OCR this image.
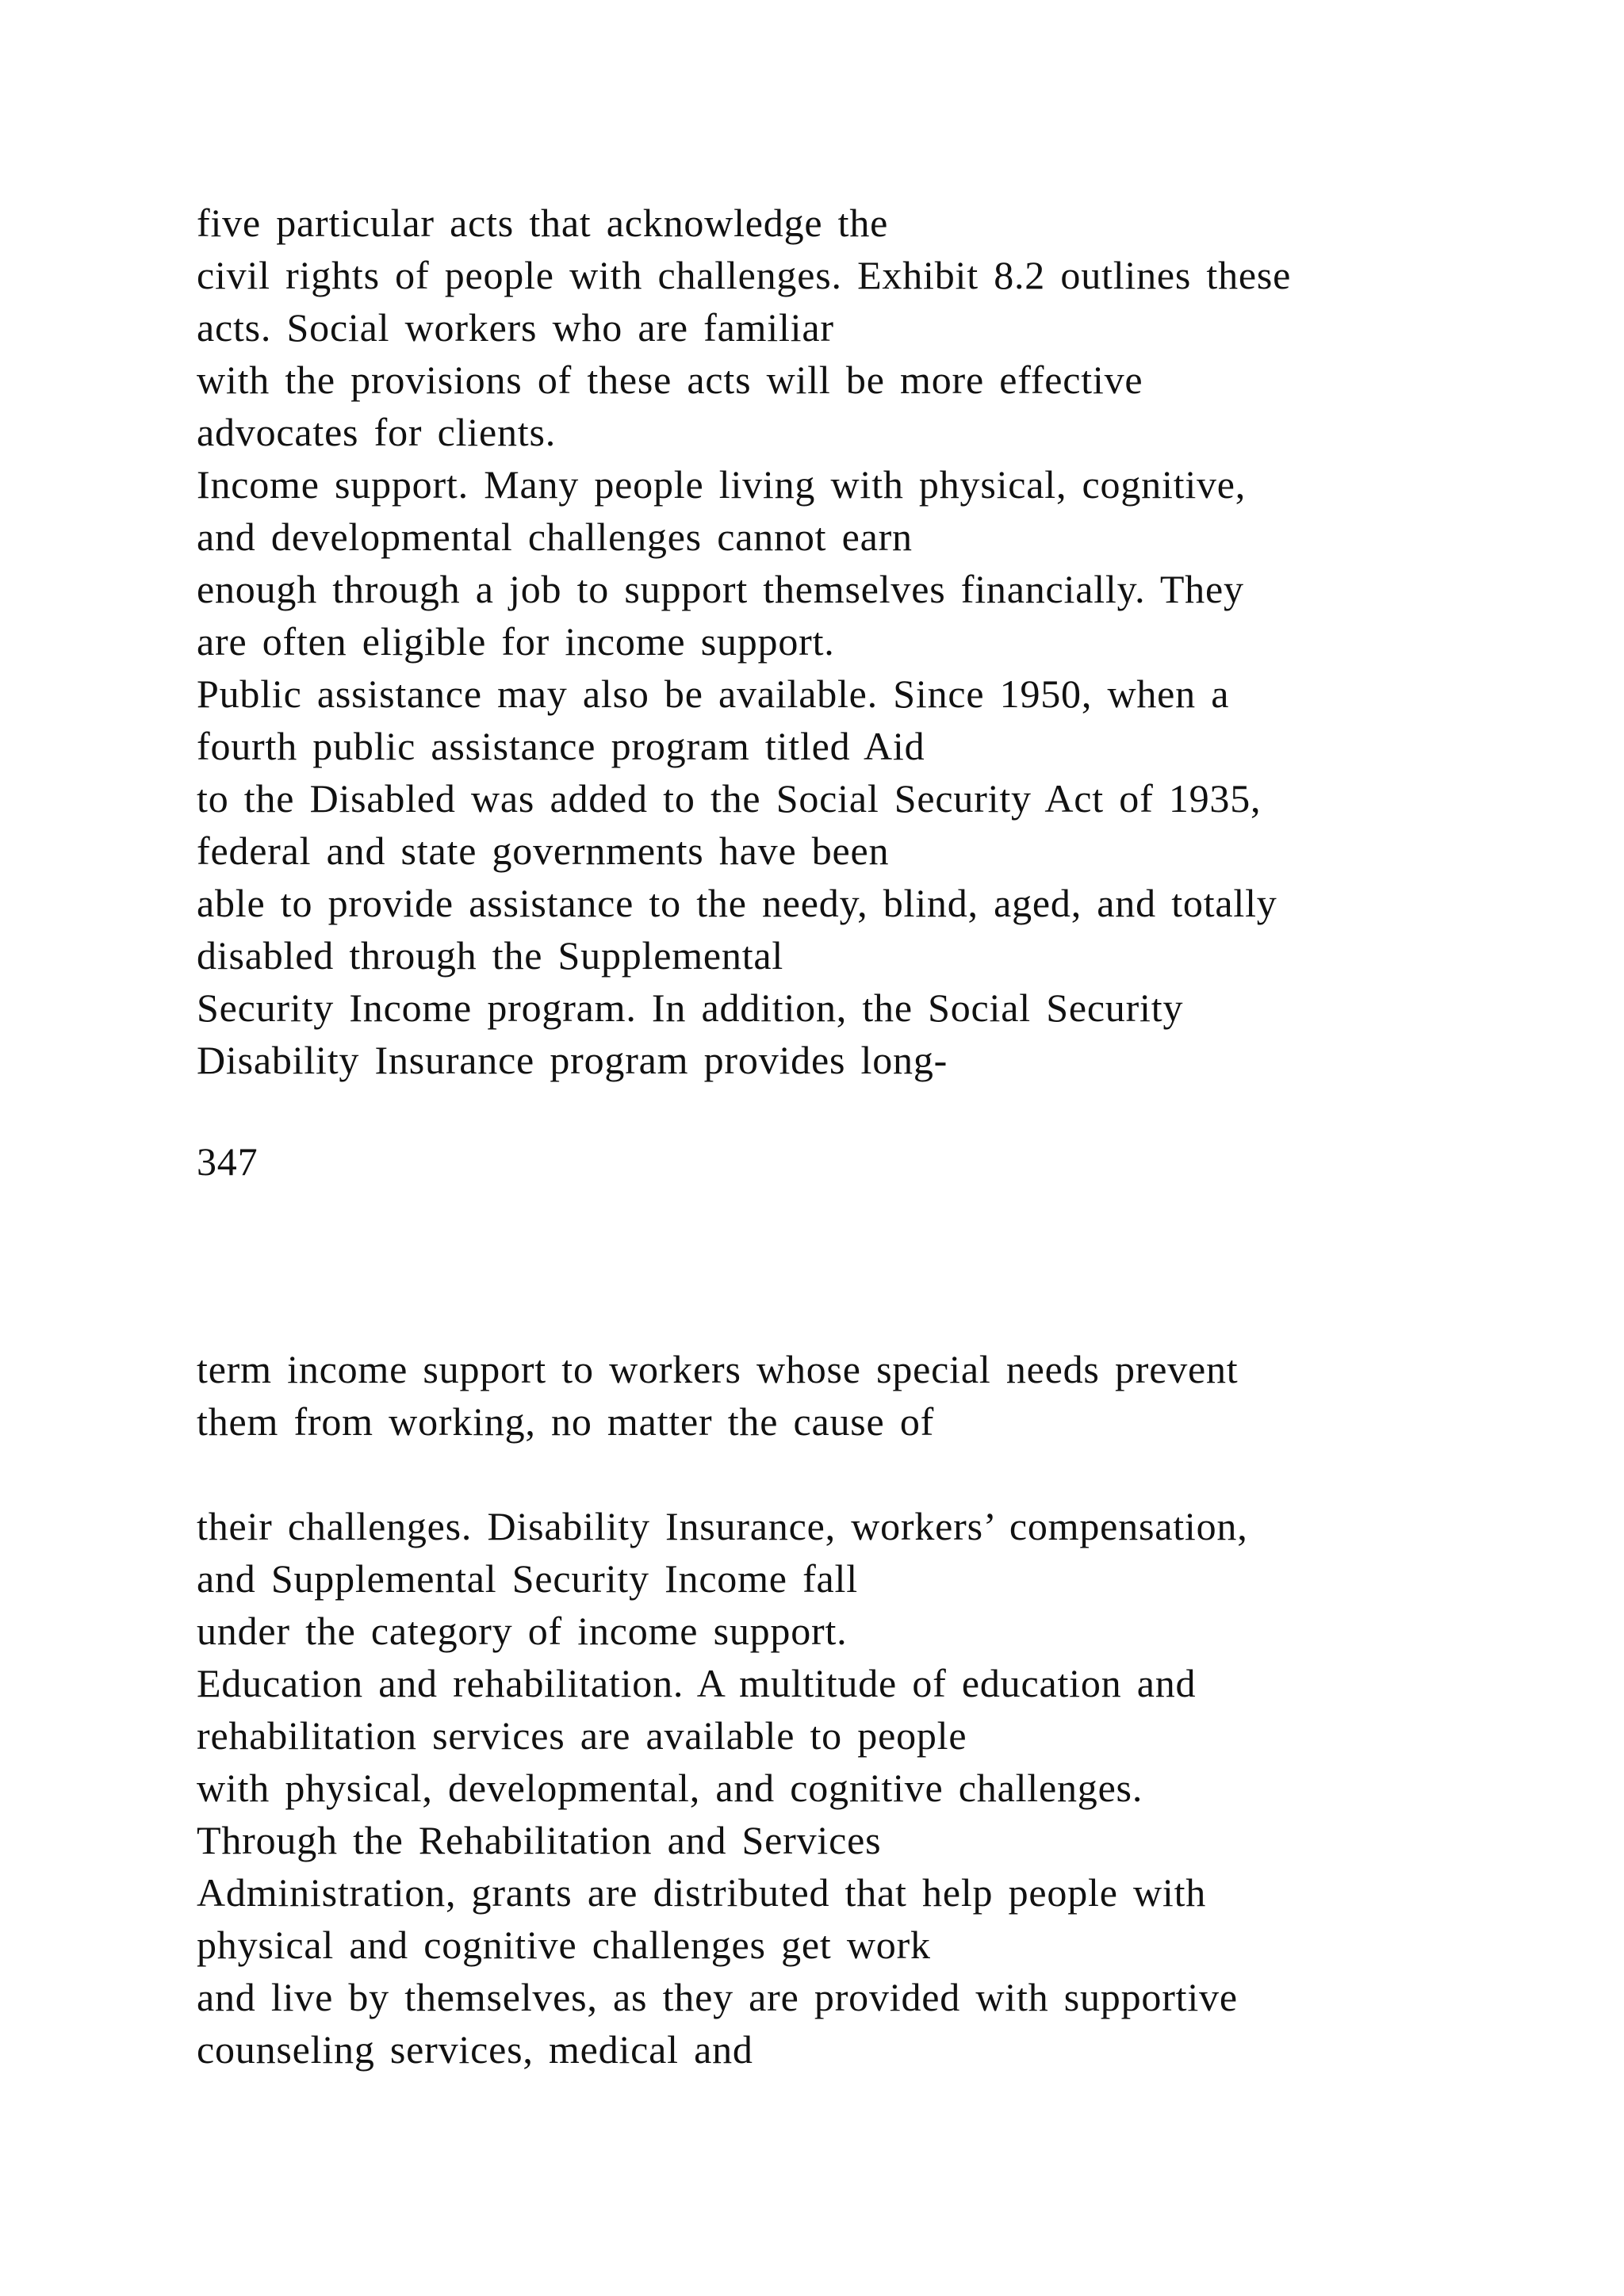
five particular acts that acknowledge the
civil rights of people with challenges. Exhibit 8.2 outlines these
acts. Social workers who are familiar
with the provisions of these acts will be more effective
advocates for clients.
Income support. Many people living with physical, cognitive,
and developmental challenges cannot earn
enough through a job to support themselves financially. They
are often eligible for income support.
Public assistance may also be available. Since 1950, when a
fourth public assistance program titled Aid
to the Disabled was added to the Social Security Act of 1935,
federal and state governments have been
able to provide assistance to the needy, blind, aged, and totally
disabled through the Supplemental
Security Income program. In addition, the Social Security
Disability Insurance program provides long-
347
term income support to workers whose special needs prevent
them from working, no matter the cause of
their challenges. Disability Insurance, workers’ compensation,
and Supplemental Security Income fall
under the category of income support.
Education and rehabilitation. A multitude of education and
rehabilitation services are available to people
with physical, developmental, and cognitive challenges.
Through the Rehabilitation and Services
Administration, grants are distributed that help people with
physical and cognitive challenges get work
and live by themselves, as they are provided with supportive
counseling services, medical and
